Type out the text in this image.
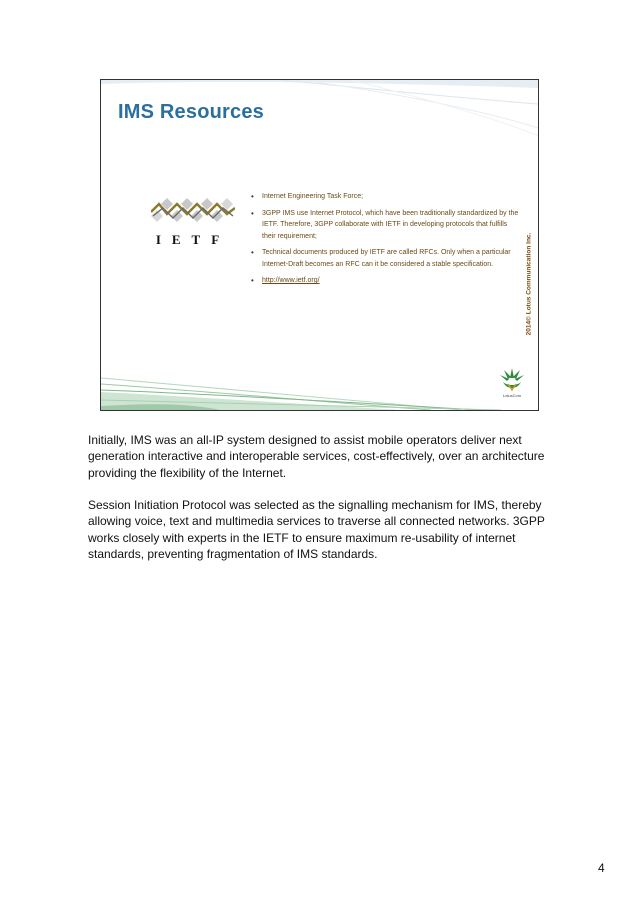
IMS Resources
IETF
• Internet Engineering Task Force;
• 3GPP IMS use Internet Protocol, which have been traditionally standardized by the IETF. Therefore, 3GPP collaborate with IETF in developing protocols that fulfills their requirement;
• Technical documents produced by IETF are called RFCs. Only when a particular Internet-Draft becomes an RFC can it be considered a stable specification.
• http://www.ietf.org/	2014© Lotus Communication Inc.
LotusCom

Initially, IMS was an all-IP system designed to assist mobile operators deliver next generation interactive and interoperable services, cost-effectively, over an architecture providing the flexibility of the Internet.

Session Initiation Protocol was selected as the signalling mechanism for IMS, thereby allowing voice, text and multimedia services to traverse all connected networks. 3GPP works closely with experts in the IETF to ensure maximum re-usability of internet standards, preventing fragmentation of IMS standards.

4
